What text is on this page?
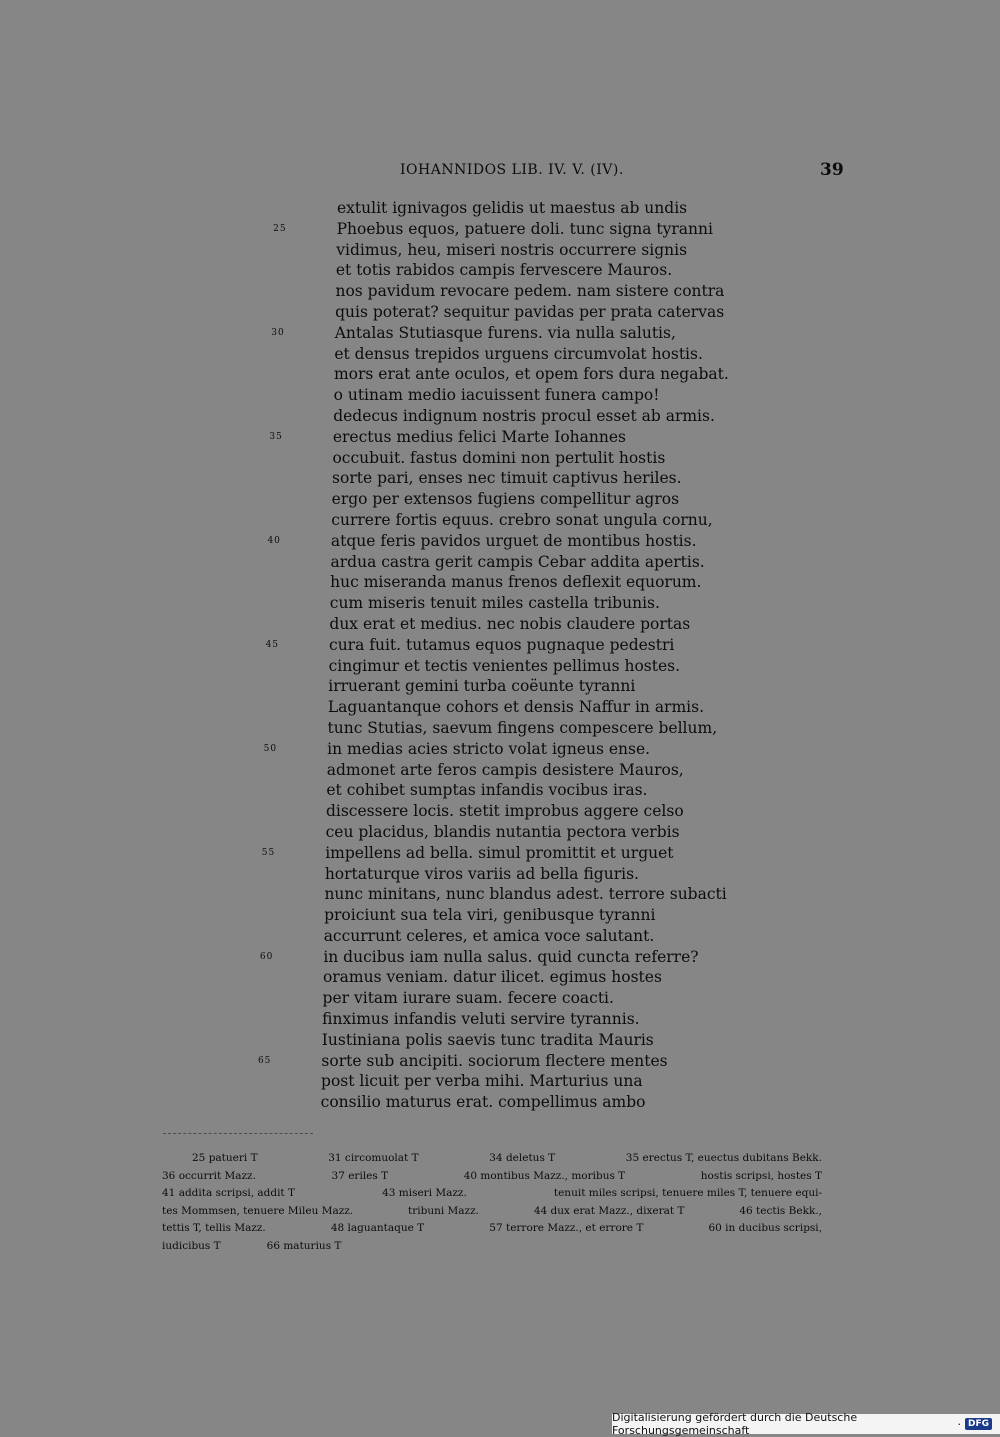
IOHANNIDOS LIB. IV. V. (IV).	39
extulit ignivagos gelidis ut maestus ab undis
25	Phoebus equos, patuere doli. tunc signa tyranni
vidimus, heu, miseri nostris occurrere signis
et totis rabidos campis fervescere Mauros.
nos pavidum revocare pedem. nam sistere contra
quis poterat? sequitur pavidas per prata catervas
30	Antalas Stutiasque furens. via nulla salutis,
et densus trepidos urguens circumvolat hostis.
mors erat ante oculos, et opem fors dura negabat.
o utinam medio iacuissent funera campo!
dedecus indignum nostris procul esset ab armis.
35	erectus medius felici Marte Iohannes
occubuit. fastus domini non pertulit hostis
sorte pari, enses nec timuit captivus heriles.
ergo per extensos fugiens compellitur agros
currere fortis equus. crebro sonat ungula cornu,
40	atque feris pavidos urguet de montibus hostis.
ardua castra gerit campis Cebar addita apertis.
huc miseranda manus frenos deflexit equorum.
cum miseris tenuit miles castella tribunis.
dux erat et medius. nec nobis claudere portas
45	cura fuit. tutamus equos pugnaque pedestri
cingimur et tectis venientes pellimus hostes.
irruerant gemini turba coëunte tyranni
Laguantanque cohors et densis Naffur in armis.
tunc Stutias, saevum fingens compescere bellum,
50	in medias acies stricto volat igneus ense.
admonet arte feros campis desistere Mauros,
et cohibet sumptas infandis vocibus iras.
discessere locis. stetit improbus aggere celso
ceu placidus, blandis nutantia pectora verbis
55	impellens ad bella. simul promittit et urguet
hortaturque viros variis ad bella figuris.
nunc minitans, nunc blandus adest. terrore subacti
proiciunt sua tela viri, genibusque tyranni
accurrunt celeres, et amica voce salutant.
60	in ducibus iam nulla salus. quid cuncta referre?
oramus veniam. datur ilicet. egimus hostes
per vitam iurare suam. fecere coacti.
finximus infandis veluti servire tyrannis.
Iustiniana polis saevis tunc tradita Mauris
65	sorte sub ancipiti. sociorum flectere mentes
post licuit per verba mihi. Marturius una
consilio maturus erat. compellimus ambo
25 patueri T	31 circomuolat T	34 deletus T	35 erectus T, euectus dubitans Bekk.
36 occurrit Mazz.	37 eriles T	40 montibus Mazz., moribus T	hostis scripsi, hostes T
41 addita scripsi, addit T	43 miseri Mazz.	tenuit miles scripsi, tenuere miles T, tenuere equi-
tes Mommsen, tenuere Mileu Mazz.	tribuni Mazz.	44 dux erat Mazz., dixerat T	46 tectis Bekk.,
tettis T, tellis Mazz.	48 laguantaque T	57 terrore Mazz., et errore T	60 in ducibus scripsi,
iudicibus T	66 maturius T
Digitalisierung gefördert durch die Deutsche Forschungsgemeinschaft	· DFG
